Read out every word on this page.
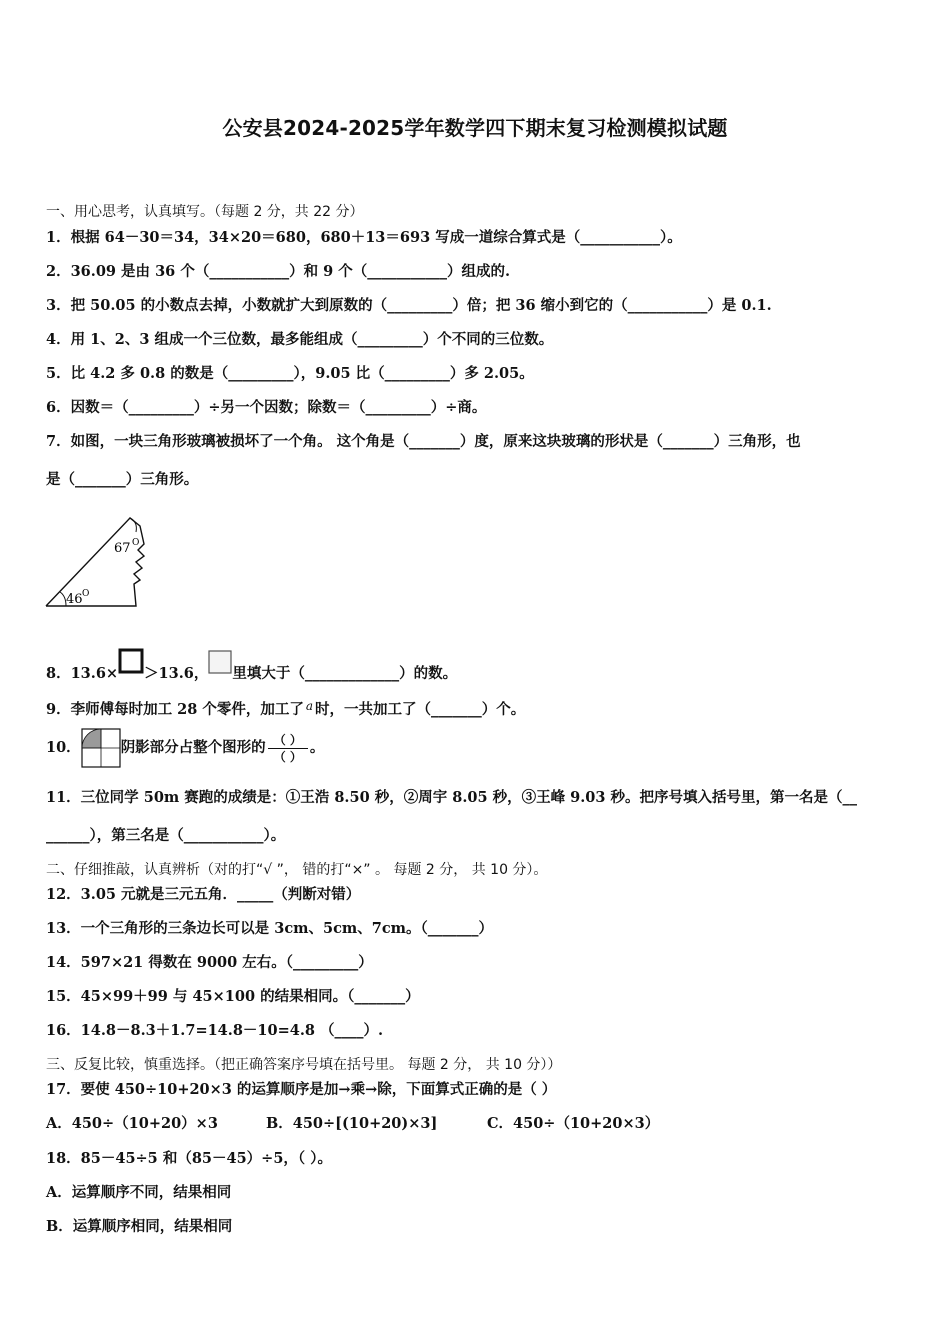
公安县2024-2025学年数学四下期末复习检测模拟试题
一、用心思考，认真填写。（每题 2 分，共 22 分）
1．根据 64－30＝34，34×20＝680，680＋13＝693 写成一道综合算式是（___________）。
2．36.09 是由 36 个（___________）和 9 个（___________）组成的.
3．把 50.05 的小数点去掉，小数就扩大到原数的（_________）倍；把 36 缩小到它的（___________）是 0.1.
4．用 1、2、3 组成一个三位数，最多能组成（_________）个不同的三位数。
5．比 4.2 多 0.8 的数是（_________），9.05 比（_________）多 2.05。
6．因数＝（_________）÷另一个因数；除数＝（_________）÷商。
7．如图，一块三角形玻璃被损坏了一个角。 这个角是（_______）度，原来这块玻璃的形状是（_______）三角形，也
是（_______）三角形。
67 O
46 O
8．13.6× ＞13.6， 里填大于（_____________）的数。
9．李师傅每时加工 28 个零件，加工了 $^a$ 时，一共加工了（_______）个。
10．	阴影部分占整个图形的 $\frac{( )}{( )}$ 。
11．三位同学 50m 赛跑的成绩是：①王浩 8.50 秒，②周宇 8.05 秒，③王峰 9.03 秒。把序号填入括号里，第一名是（__
______），第三名是（___________）。
二、仔细推敲，认真辨析（对的打“√ ”， 错的打“×” 。 每题 2 分， 共 10 分）。
12．3.05 元就是三元五角．_____（判断对错）
13．一个三角形的三条边长可以是 3cm、5cm、7cm。（_______）
14．597×21 得数在 9000 左右。（_________）
15．45×99＋99 与 45×100 的结果相同。（_______）
16．14.8－8.3＋1.7=14.8－10=4.8 （____）.
三、反复比较，慎重选择。（把正确答案序号填在括号里。 每题 2 分， 共 10 分））
17．要使 450÷10+20×3 的运算顺序是加→乘→除，下面算式正确的是（ ）
A．450÷（10+20）×3	B．450÷[(10+20)×3]	C．450÷（10+20×3）
18．85－45÷5 和（85－45）÷5，（ ）。
A．运算顺序不同，结果相同
B．运算顺序相同，结果相同
